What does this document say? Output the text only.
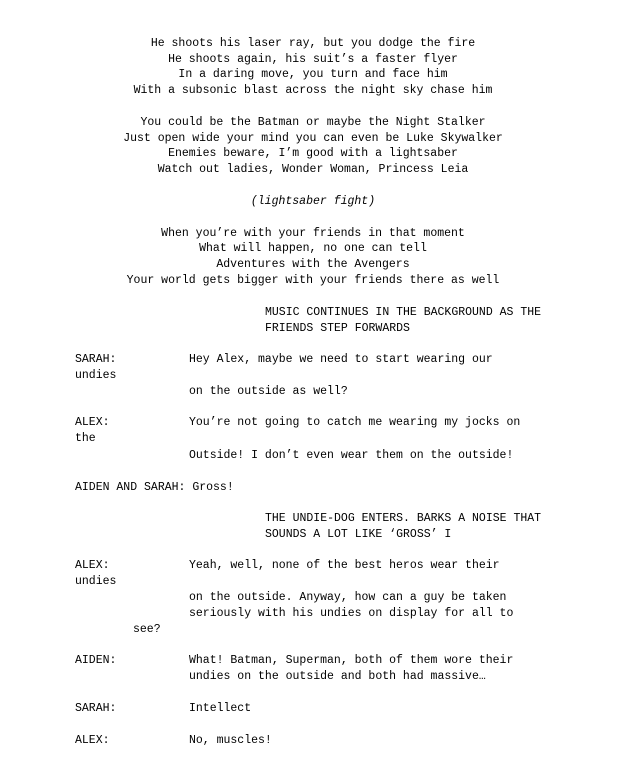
He shoots his laser ray, but you dodge the fire
He shoots again, his suit’s a faster flyer
In a daring move, you turn and face him
With a subsonic blast across the night sky chase him
You could be the Batman or maybe the Night Stalker
Just open wide your mind you can even be Luke Skywalker
Enemies beware, I’m good with a lightsaber
Watch out ladies, Wonder Woman, Princess Leia
(lightsaber fight)
When you’re with your friends in that moment
What will happen, no one can tell
Adventures with the Avengers
Your world gets bigger with your friends there as well
MUSIC CONTINUES IN THE BACKGROUND AS THE
FRIENDS STEP FORWARDS
SARAH:	Hey Alex, maybe we need to start wearing our
undies
on the outside as well?
ALEX:	You’re not going to catch me wearing my jocks on
the
Outside! I don’t even wear them on the outside!
AIDEN AND SARAH: Gross!
THE UNDIE-DOG ENTERS. BARKS A NOISE THAT
SOUNDS A LOT LIKE ‘GROSS’ I
ALEX:	Yeah, well, none of the best heros wear their
undies
on the outside. Anyway, how can a guy be taken
seriously with his undies on display for all to
see?
AIDEN:	What! Batman, Superman, both of them wore their
undies on the outside and both had massive…
SARAH:	Intellect
ALEX:	No, muscles!
